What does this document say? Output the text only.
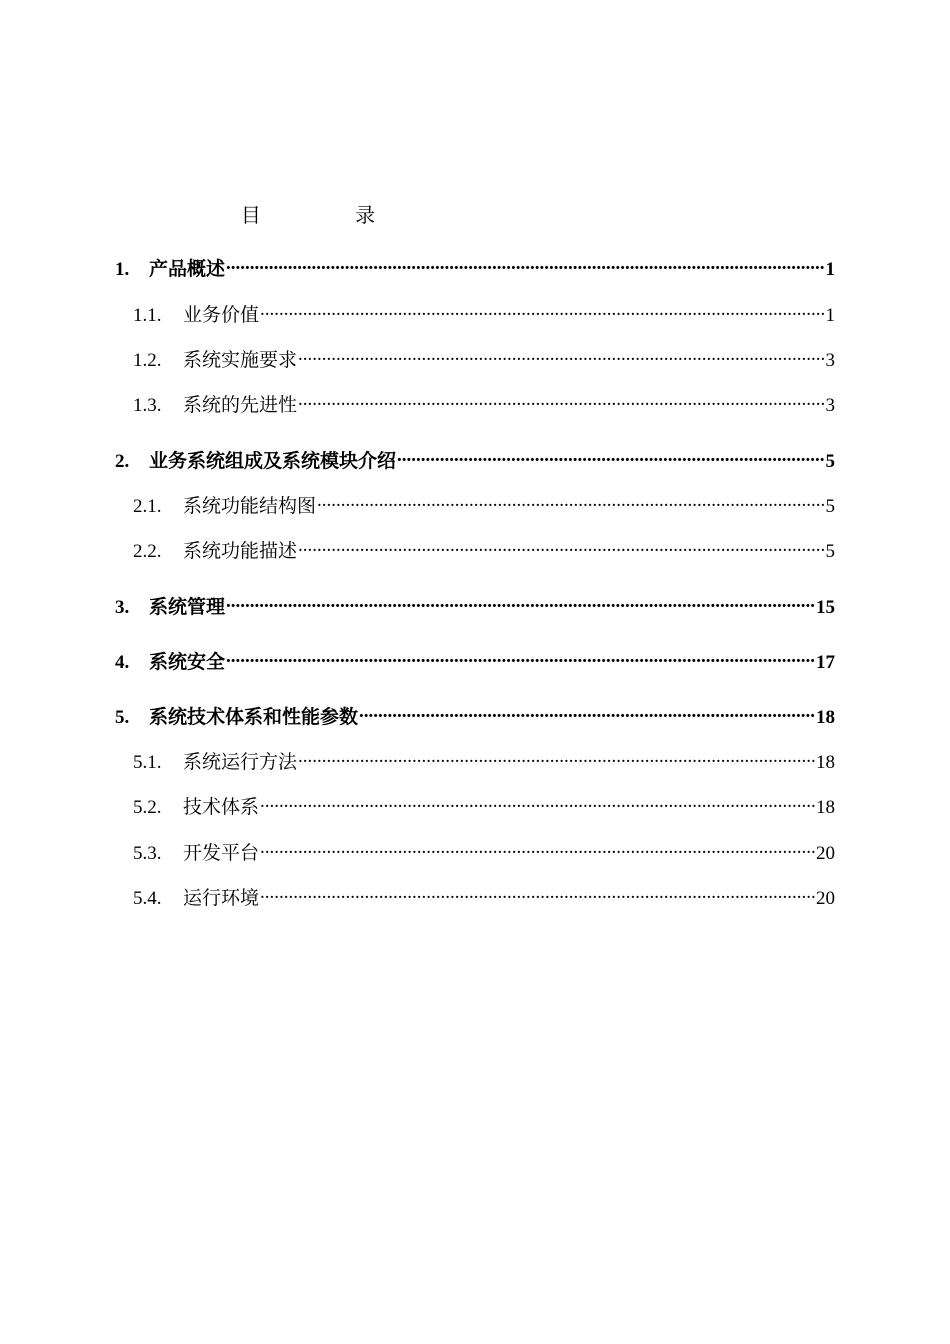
目 录
1.	产品概述 .....	1
1.1.	业务价值 .....	1
1.2.	系统实施要求 .....	3
1.3.	系统的先进性 .....	3
2.	业务系统组成及系统模块介绍 .....	5
2.1.	系统功能结构图 .....	5
2.2.	系统功能描述 .....	5
3.	系统管理 .....	15
4.	系统安全 .....	17
5.	系统技术体系和性能参数 .....	18
5.1.	系统运行方法 .....	18
5.2.	技术体系 .....	18
5.3.	开发平台 .....	20
5.4.	运行环境 .....	20
